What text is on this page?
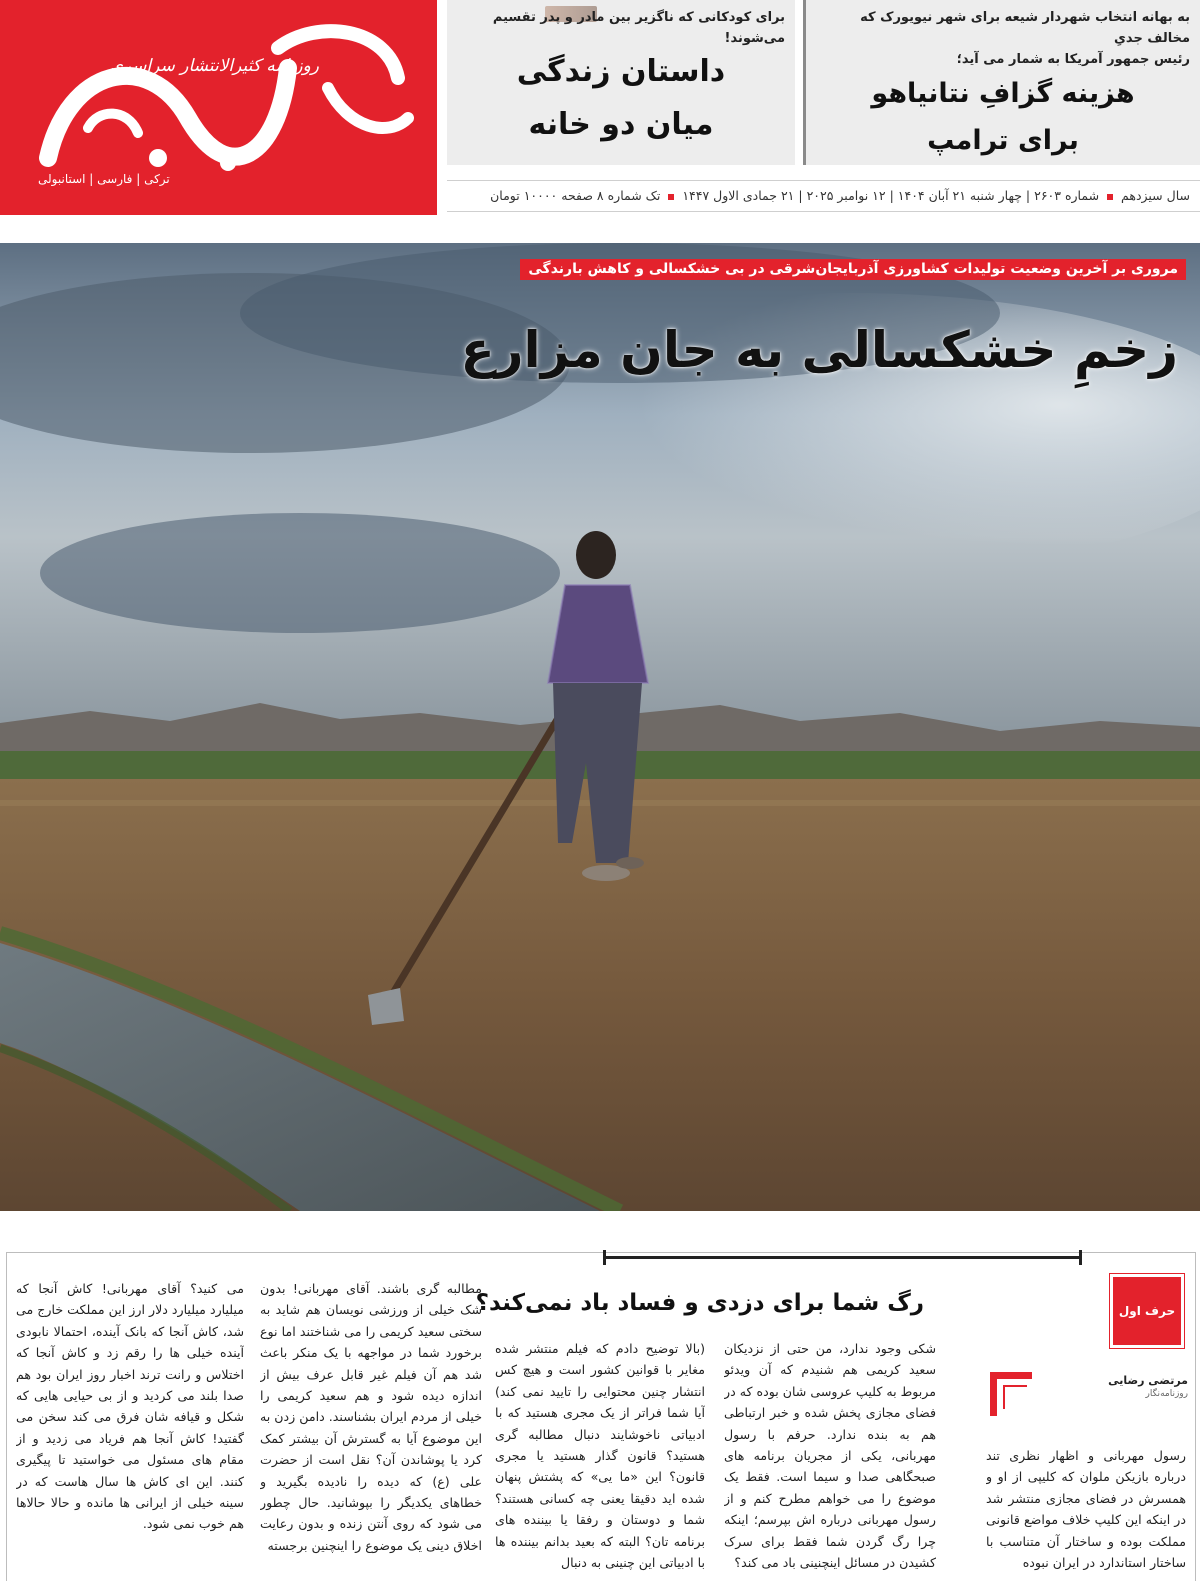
روزنامه کثیرالانتشار سراسری
ترکی | فارسی | استانبولی
برای کودکانی که ناگزیر بین مادر و پدر تقسیم می‌شوند!
داستان زندگی
میان دو خانه
به بهانه انتخاب شهردار شیعه برای شهر نیویورک که مخالف جدیِ
رئیس جمهور آمریکا به شمار می آید؛
هزینه گزافِ نتانیاهو
برای ترامپ
سال سیزدهم  شماره ۲۶۰۳ | چهار شنبه ۲۱ آبان ۱۴۰۴ | ۱۲ نوامبر ۲۰۲۵ | ۲۱ جمادی الاول ۱۴۴۷  تک شماره ۸ صفحه ۱۰۰۰۰ تومان
مروری بر آخرین وضعیت تولیدات کشاورزی آذربایجان‌شرقی در بی خشکسالی و کاهش بارندگی
زخمِ خشکسالی به جان مزارع
حرف اول
رگ شما برای دزدی و فساد باد نمی‌کند؟
مرتضی رضایی
روزنامه‌نگار
رسول مهربانی و اظهار نظری تند درباره بازیکن ملوان که کلیپی از او و همسرش در فضای مجازی منتشر شد در اینکه این کلیپ خلاف مواضع قانونی مملکت بوده و ساختار آن متناسب با ساختار استاندارد در ایران نبوده
شکی وجود ندارد، من حتی از نزدیکان سعید کریمی هم شنیدم که آن ویدئو مربوط به کلیپ عروسی شان بوده که در فضای مجازی پخش شده و خبر ارتباطی هم به بنده ندارد. حرفم با رسول مهربانی، یکی از مجریان برنامه های صبحگاهی صدا و سیما است. فقط یک موضوع را می خواهم مطرح کنم و از رسول مهربانی درباره اش بپرسم؛ اینکه چرا رگ گردن شما فقط برای سرک کشیدن در مسائل اینچنینی باد می کند؟
(بالا توضیح دادم که فیلم منتشر شده مغایر با قوانین کشور است و هیچ کس انتشار چنین محتوایی را تایید نمی کند) آیا شما فراتر از یک مجری هستید که با ادبیاتی ناخوشایند دنبال مطالبه گری هستید؟ قانون گذار هستید یا مجری قانون؟ این «ما یی» که پشتش پنهان شده اید دقیقا یعنی چه کسانی هستند؟ شما و دوستان و رفقا یا بیننده های برنامه تان؟ البته که بعید بدانم بیننده ها با ادبیاتی این چنینی به دنبال
مطالبه گری باشند. آقای مهربانی! بدون شک خیلی از ورزشی نویسان هم شاید به سختی سعید کریمی را می شناختند اما نوع برخورد شما در مواجهه با یک منکر باعث شد هم آن فیلم غیر قابل عرف بیش از اندازه دیده شود و هم سعید کریمی را خیلی از مردم ایران بشناسند. دامن زدن به این موضوع آیا به گسترش آن بیشتر کمک کرد یا پوشاندن آن؟ نقل است از حضرت علی (ع) که دیده را نادیده بگیرید و خطاهای یکدیگر را بپوشانید. حال چطور می شود که روی آنتن زنده و بدون رعایت اخلاق دینی یک موضوع را اینچنین برجسته
می کنید؟ آقای مهربانی! کاش آنجا که میلیارد میلیارد دلار ارز این مملکت خارج می شد، کاش آنجا که بانک آینده، احتمالا نابودی آینده خیلی ها را رقم زد و کاش آنجا که اختلاس و رانت ترند اخبار روز ایران بود هم صدا بلند می کردید و از بی حیایی هایی که شکل و قیافه شان فرق می کند سخن می گفتید! کاش آنجا هم فریاد می زدید و از مقام های مسئول می خواستید تا پیگیری کنند. این ای کاش ها سال هاست که در سینه خیلی از ایرانی ها مانده و حالا حالاها هم خوب نمی شود.
